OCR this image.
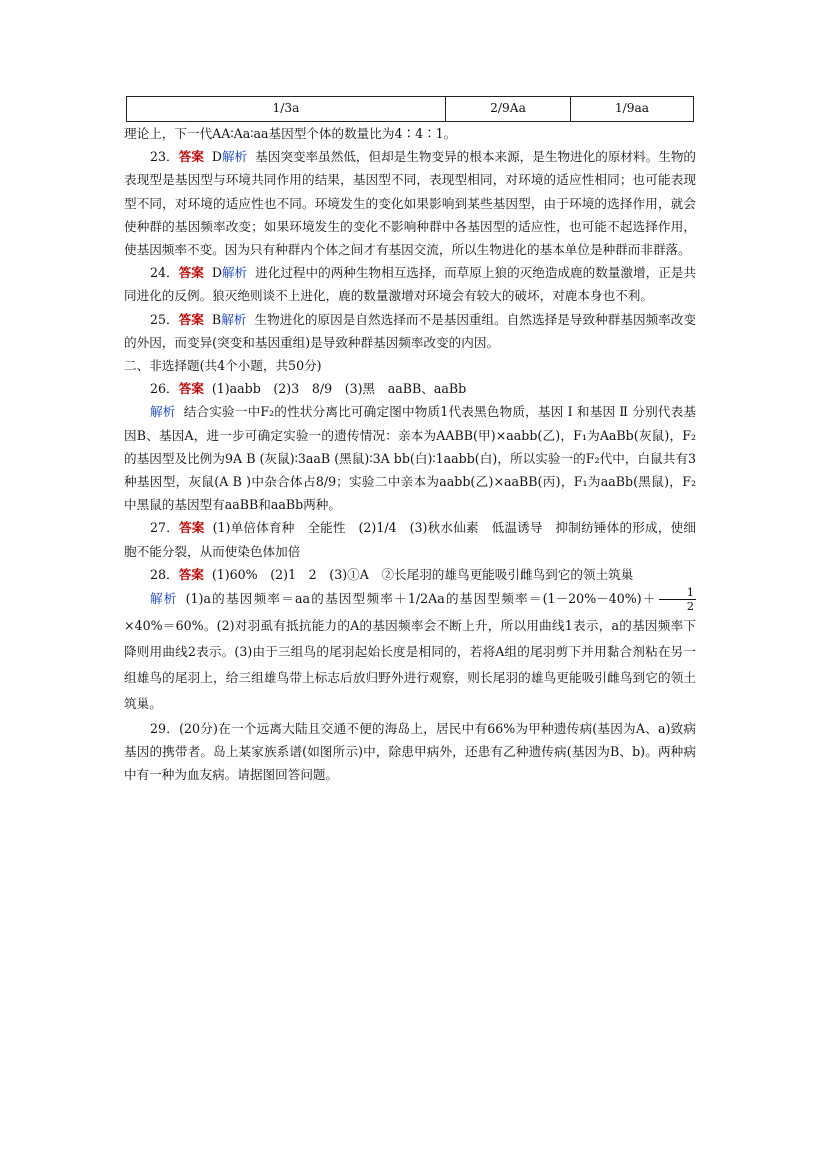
1/3a	2/9Aa	1/9aa

理论上，下一代AA∶Aa∶aa基因型个体的数量比为4∶4∶1。

23．答案 D解析 基因突变率虽然低，但却是生物变异的根本来源，是生物进化的原材料。生物的表现型是基因型与环境共同作用的结果，基因型不同，表现型相同，对环境的适应性相同；也可能表现型不同，对环境的适应性也不同。环境发生的变化如果影响到某些基因型，由于环境的选择作用，就会使种群的基因频率改变；如果环境发生的变化不影响种群中各基因型的适应性，也可能不起选择作用，使基因频率不变。因为只有种群内个体之间才有基因交流，所以生物进化的基本单位是种群而非群落。

24．答案 D解析 进化过程中的两种生物相互选择，而草原上狼的灭绝造成鹿的数量激增，正是共同进化的反例。狼灭绝则谈不上进化，鹿的数量激增对环境会有较大的破坏，对鹿本身也不利。

25．答案 B解析 生物进化的原因是自然选择而不是基因重组。自然选择是导致种群基因频率改变的外因，而变异(突变和基因重组)是导致种群基因频率改变的内因。

二、非选择题(共4个小题，共50分)

26．答案 (1)aabb　(2)3　8/9　(3)黑　aaBB、aaBb

解析 结合实验一中F₂的性状分离比可确定图中物质1代表黑色物质，基因 Ⅰ 和基因 Ⅱ 分别代表基因B、基因A，进一步可确定实验一的遗传情况：亲本为AABB(甲)×aabb(乙)，F₁为AaBb(灰鼠)，F₂的基因型及比例为9A B (灰鼠)∶3aaB (黑鼠)∶3A bb(白)∶1aabb(白)，所以实验一的F₂代中，白鼠共有3种基因型，灰鼠(A B )中杂合体占8/9；实验二中亲本为aabb(乙)×aaBB(丙)，F₁为aaBb(黑鼠)，F₂中黑鼠的基因型有aaBB和aaBb两种。

27．答案 (1)单倍体育种　全能性　(2)1/4　(3)秋水仙素　低温诱导　抑制纺锤体的形成，使细胞不能分裂，从而使染色体加倍

28．答案 (1)60%　(2)1　2　(3)①A　②长尾羽的雄鸟更能吸引雌鸟到它的领土筑巢

解析 (1)a的基因频率＝aa的基因型频率＋1/2Aa的基因型频率$=(1-20\%-40\%)+ \frac{1}{2}$
×40%＝60%。(2)对羽虱有抵抗能力的A的基因频率会不断上升，所以用曲线1表示，a的基因频率下降则用曲线2表示。(3)由于三组鸟的尾羽起始长度是相同的，若将A组的尾羽剪下并用黏合剂粘在另一组雄鸟的尾羽上，给三组雄鸟带上标志后放归野外进行观察，则长尾羽的雄鸟更能吸引雌鸟到它的领土筑巢。

29．(20分)在一个远离大陆且交通不便的海岛上，居民中有66%为甲种遗传病(基因为A、a)致病基因的携带者。岛上某家族系谱(如图所示)中，除患甲病外，还患有乙种遗传病(基因为B、b)。两种病中有一种为血友病。请据图回答问题。
